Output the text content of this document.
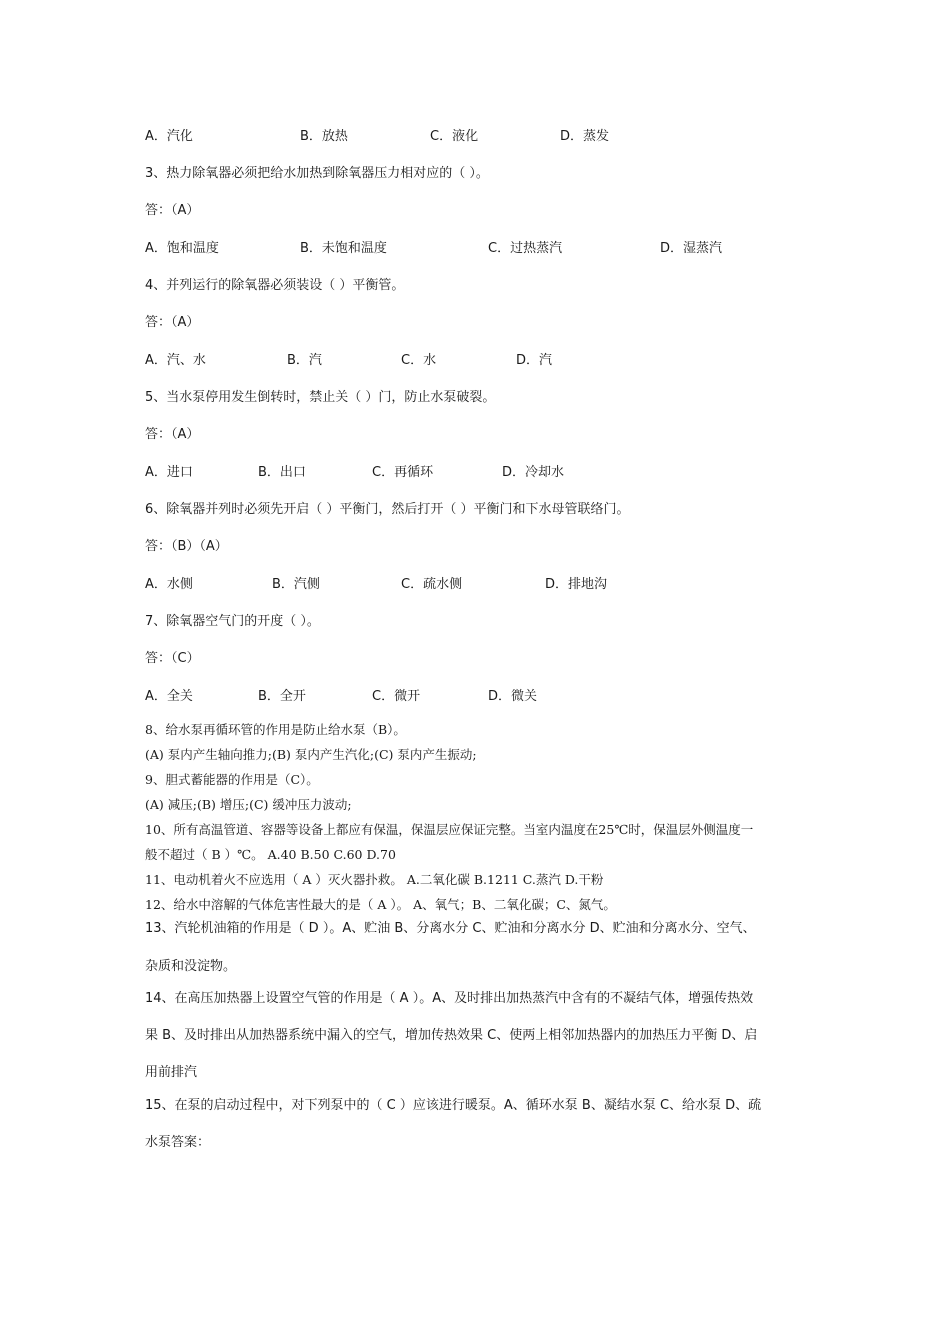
A．汽化	B．放热	C．液化	D．蒸发
3、热力除氧器必须把给水加热到除氧器压力相对应的（ ）。
答：（A）
A．饱和温度	B．未饱和温度	C．过热蒸汽	D．湿蒸汽
4、并列运行的除氧器必须装设（ ）平衡管。
答：（A）
A．汽、水	B．汽	C．水	D．汽
5、当水泵停用发生倒转时，禁止关（ ）门，防止水泵破裂。
答：（A）
A．进口	B．出口	C．再循环	D．冷却水
6、除氧器并列时必须先开启（ ）平衡门，然后打开（ ）平衡门和下水母管联络门。
答：（B）（A）
A．水侧	B．汽侧	C．疏水侧	D．排地沟
7、除氧器空气门的开度（ ）。
答：（C）
A．全关	B．全开	C．微开	D．微关
8、给水泵再循环管的作用是防止给水泵（B）。
(A) 泵内产生轴向推力;(B) 泵内产生汽化;(C) 泵内产生振动;
9、胆式蓄能器的作用是（C）。
(A) 减压;(B) 增压;(C) 缓冲压力波动;
10、所有高温管道、容器等设备上都应有保温，保温层应保证完整。当室内温度在25℃时，保温层外侧温度一
般不超过（ B ）℃。 A.40 B.50 C.60 D.70
11、电动机着火不应选用（ A ）灭火器扑救。 A.二氧化碳 B.1211 C.蒸汽 D.干粉
12、给水中溶解的气体危害性最大的是（ A ）。 A、氧气；B、二氧化碳；C、氮气。
13、汽轮机油箱的作用是（ D ）。A、贮油 B、分离水分 C、贮油和分离水分 D、贮油和分离水分、空气、
杂质和没淀物。
14、在高压加热器上设置空气管的作用是（ A ）。A、及时排出加热蒸汽中含有的不凝结气体，增强传热效
果 B、及时排出从加热器系统中漏入的空气，增加传热效果 C、使两上相邻加热器内的加热压力平衡 D、启
用前排汽
15、在泵的启动过程中，对下列泵中的（ C ）应该进行暖泵。A、循环水泵 B、凝结水泵 C、给水泵 D、疏
水泵答案：
